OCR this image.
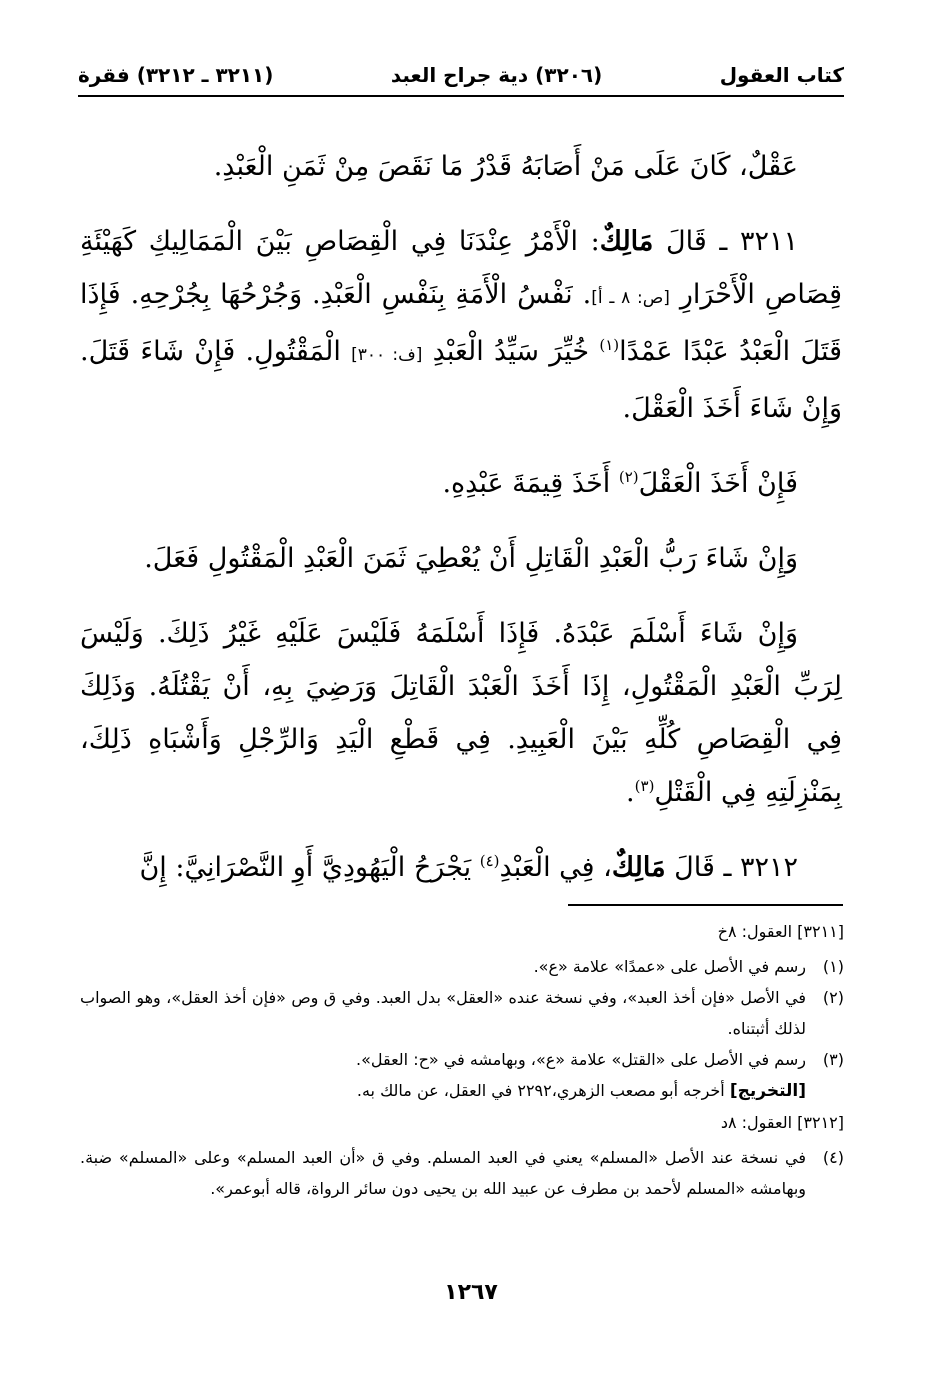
كتاب العقول
(٣٢٠٦) دية جراح العبد
(٣٢١١ ـ ٣٢١٢) فقرة

عَقْلٌ، كَانَ عَلَى مَنْ أَصَابَهُ قَدْرُ مَا نَقَصَ مِنْ ثَمَنِ الْعَبْدِ.

٣٢١١ ـ قَالَ مَالِكٌ: الْأَمْرُ عِنْدَنَا فِي الْقِصَاصِ بَيْنَ الْمَمَالِيكِ كَهَيْئَةِ قِصَاصِ الْأَحْرَارِ [ص: ٨ ـ أ]. نَفْسُ الْأَمَةِ بِنَفْسِ الْعَبْدِ. وَجُرْحُهَا بِجُرْحِهِ. فَإِذَا قَتَلَ الْعَبْدُ عَبْدًا عَمْدًا$^{(١)}$ خُيِّرَ سَيِّدُ الْعَبْدِ [ف: ٣٠٠] الْمَقْتُولِ. فَإِنْ شَاءَ قَتَلَ. وَإِنْ شَاءَ أَخَذَ الْعَقْلَ.

فَإِنْ أَخَذَ الْعَقْلَ$^{(٢)}$ أَخَذَ قِيمَةَ عَبْدِهِ.

وَإِنْ شَاءَ رَبُّ الْعَبْدِ الْقَاتِلِ أَنْ يُعْطِيَ ثَمَنَ الْعَبْدِ الْمَقْتُولِ فَعَلَ.

وَإِنْ شَاءَ أَسْلَمَ عَبْدَهُ. فَإِذَا أَسْلَمَهُ فَلَيْسَ عَلَيْهِ غَيْرُ ذَلِكَ. وَلَيْسَ لِرَبِّ الْعَبْدِ الْمَقْتُولِ، إِذَا أَخَذَ الْعَبْدَ الْقَاتِلَ وَرَضِيَ بِهِ، أَنْ يَقْتُلَهُ. وَذَلِكَ فِي الْقِصَاصِ كُلِّهِ بَيْنَ الْعَبِيدِ. فِي قَطْعِ الْيَدِ وَالرِّجْلِ وَأَشْبَاهِ ذَلِكَ، بِمَنْزِلَتِهِ فِي الْقَتْلِ$^{(٣)}$.

٣٢١٢ ـ قَالَ مَالِكٌ، فِي الْعَبْدِ$^{(٤)}$ يَجْرَحُ الْيَهُودِيَّ أَوِ النَّصْرَانِيَّ: إِنَّ

[٣٢١١] العقول: ٨خ
(١)
رسم في الأصل على «عمدًا» علامة «ع».
(٢)
في الأصل «فإن أخذ العبد»، وفي نسخة عنده «العقل» بدل العبد. وفي ق وص «فإن أخذ العقل»، وهو الصواب لذلك أثبتناه.
(٣)
رسم في الأصل على «القتل» علامة «ع»، وبهامشه في «ح: العقل».
[التخريج] أخرجه أبو مصعب الزهري،٢٢٩٢ في العقل، عن مالك به.
[٣٢١٢] العقول: ٨د
(٤)
في نسخة عند الأصل «المسلم» يعني في العبد المسلم. وفي ق «أن العبد المسلم» وعلى «المسلم» ضبة. وبهامشه «المسلم لأحمد بن مطرف عن عبيد الله بن يحيى دون سائر الرواة، قاله أبوعمر».
١٢٦٧
